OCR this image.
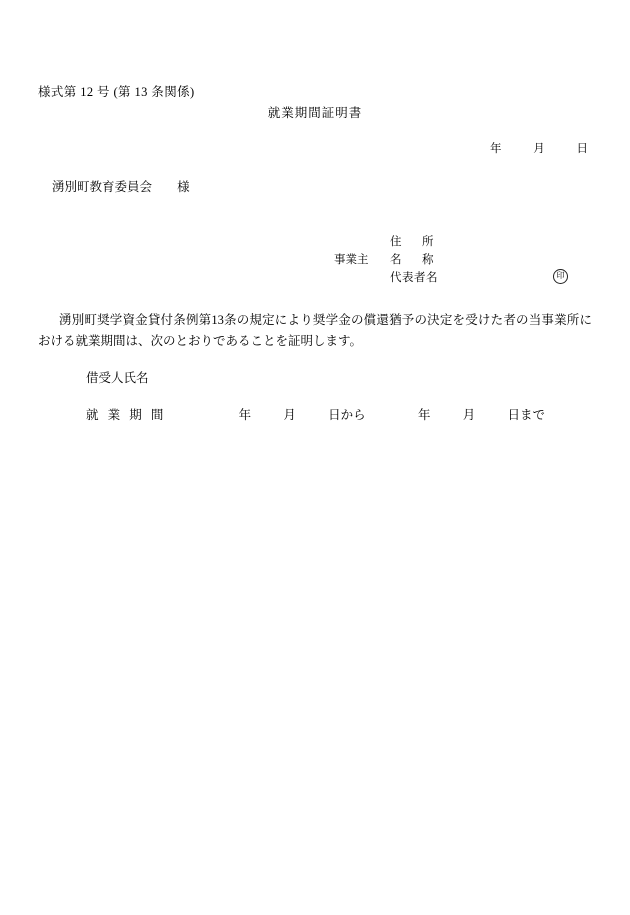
様式第 12 号 (第 13 条関係)
就業期間証明書
年	月	日
湧別町教育委員会 様
住 所
事業主	名 称
代表者名	印
湧別町奨学資金貸付条例第13条の規定により奨学金の償還猶予の決定を受けた者の当事業所における就業期間は、次のとおりであることを証明します。
借受人氏名
就 業 期 間	年	月	日から	年	月	日まで
